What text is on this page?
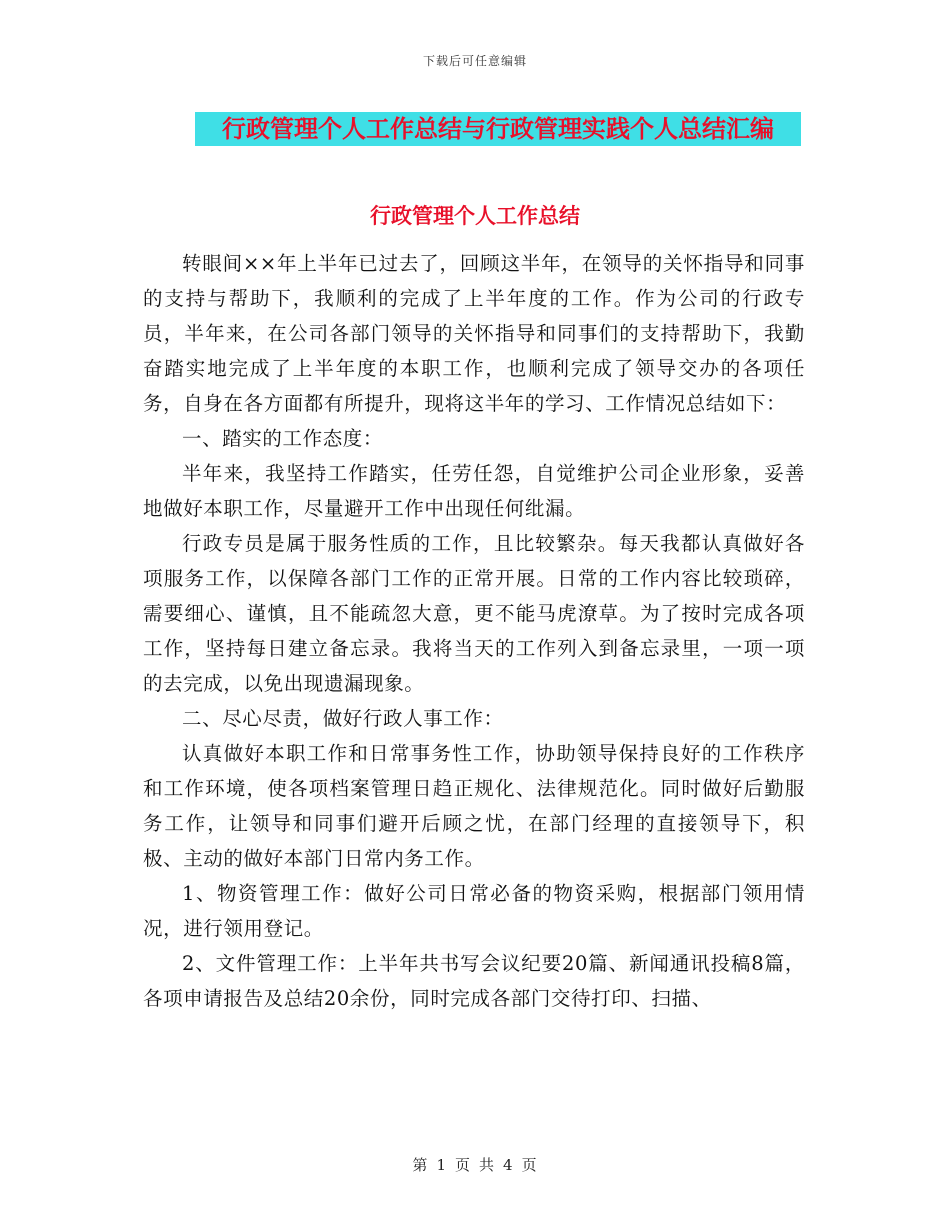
下载后可任意编辑
行政管理个人工作总结与行政管理实践个人总结汇编
行政管理个人工作总结

转眼间××年上半年已过去了，回顾这半年，在领导的关怀指导和同事的支持与帮助下，我顺利的完成了上半年度的工作。作为公司的行政专员，半年来，在公司各部门领导的关怀指导和同事们的支持帮助下，我勤奋踏实地完成了上半年度的本职工作，也顺利完成了领导交办的各项任务，自身在各方面都有所提升，现将这半年的学习、工作情况总结如下：

一、踏实的工作态度：

半年来，我坚持工作踏实，任劳任怨，自觉维护公司企业形象，妥善地做好本职工作，尽量避开工作中出现任何纰漏。

行政专员是属于服务性质的工作，且比较繁杂。每天我都认真做好各项服务工作，以保障各部门工作的正常开展。日常的工作内容比较琐碎，需要细心、谨慎，且不能疏忽大意，更不能马虎潦草。为了按时完成各项工作，坚持每日建立备忘录。我将当天的工作列入到备忘录里，一项一项的去完成，以免出现遗漏现象。

二、尽心尽责，做好行政人事工作：

认真做好本职工作和日常事务性工作，协助领导保持良好的工作秩序和工作环境，使各项档案管理日趋正规化、法律规范化。同时做好后勤服务工作，让领导和同事们避开后顾之忧，在部门经理的直接领导下，积极、主动的做好本部门日常内务工作。

1、物资管理工作：做好公司日常必备的物资采购，根据部门领用情况，进行领用登记。

2、文件管理工作：上半年共书写会议纪要20篇、新闻通讯投稿8篇，各项申请报告及总结20余份，同时完成各部门交待打印、扫描、

第 1 页 共 4 页
